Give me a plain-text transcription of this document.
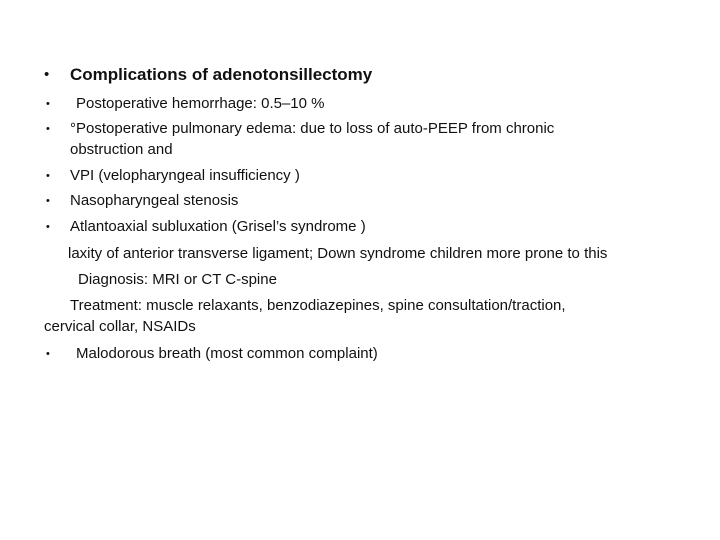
• Complications of adenotonsillectomy
• Postoperative hemorrhage: 0.5–10 %
• °Postoperative pulmonary edema: due to loss of auto-PEEP from chronic
obstruction and
• VPI (velopharyngeal insufficiency )
• Nasopharyngeal stenosis
• Atlantoaxial subluxation (Grisel’s syndrome )
laxity of anterior transverse ligament; Down syndrome children more prone to this
Diagnosis: MRI or CT C-spine
Treatment: muscle relaxants, benzodiazepines, spine consultation/traction,
cervical collar, NSAIDs
• Malodorous breath (most common complaint)
